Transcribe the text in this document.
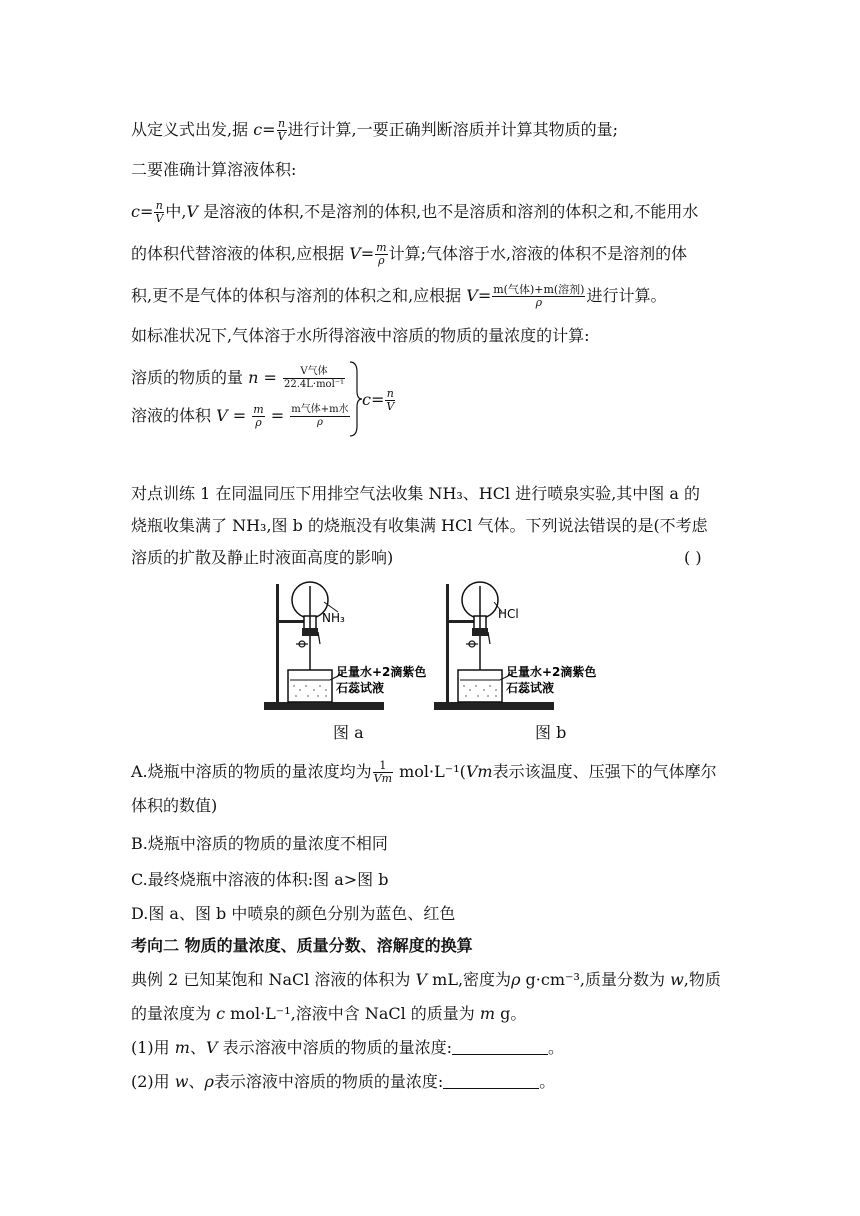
从定义式出发,据 $c= \frac{n}{V}$ 进行计算,一要正确判断溶质并计算其物质的量;
二要准确计算溶液体积:
$c= \frac{n}{V}$ 中,V 是溶液的体积,不是溶剂的体积,也不是溶质和溶剂的体积之和,不能用水
的体积代替溶液的体积,应根据 $V= \frac{m}{\rho}$ 计算;气体溶于水,溶液的体积不是溶剂的体
积,更不是气体的体积与溶剂的体积之和,应根据 $V= \frac{\text{m(气体)+m(溶剂)}}{\rho}$ 进行计算。
如标准状况下,气体溶于水所得溶液中溶质的物质的量浓度的计算:
溶质的物质的量 $n = \frac{\text{V气体}}{\text{22.4L·mol⁻¹}}$
溶液的体积 $V = \frac{m}{\rho} = \frac{\text{m气体+m水}}{\rho}$
$c= \frac{n}{V}$
对点训练 1 在同温同压下用排空气法收集 NH₃、HCl 进行喷泉实验,其中图 a 的
烧瓶收集满了 NH₃,图 b 的烧瓶没有收集满 HCl 气体。下列说法错误的是(不考虑
溶质的扩散及静止时液面高度的影响)	( )
NH₃
足量水+2滴紫色
石蕊试液
图 a
HCl
足量水+2滴紫色
石蕊试液
图 b
A.烧瓶中溶质的物质的量浓度均为 $\frac{1}{Vm} mol\cdot L^{-1}(Vm$表示该温度、压强下的气体摩尔
体积的数值)
B.烧瓶中溶质的物质的量浓度不相同
C.最终烧瓶中溶液的体积:图 a>图 b
D.图 a、图 b 中喷泉的颜色分别为蓝色、红色
考向二 物质的量浓度、质量分数、溶解度的换算
典例 2 已知某饱和 NaCl 溶液的体积为 V mL,密度为ρ g·cm⁻³,质量分数为 w,物质
的量浓度为 c mol·L⁻¹,溶液中含 NaCl 的质量为 m g。
(1)用 m、V 表示溶液中溶质的物质的量浓度:	。
(2)用 w、ρ表示溶液中溶质的物质的量浓度:	。
